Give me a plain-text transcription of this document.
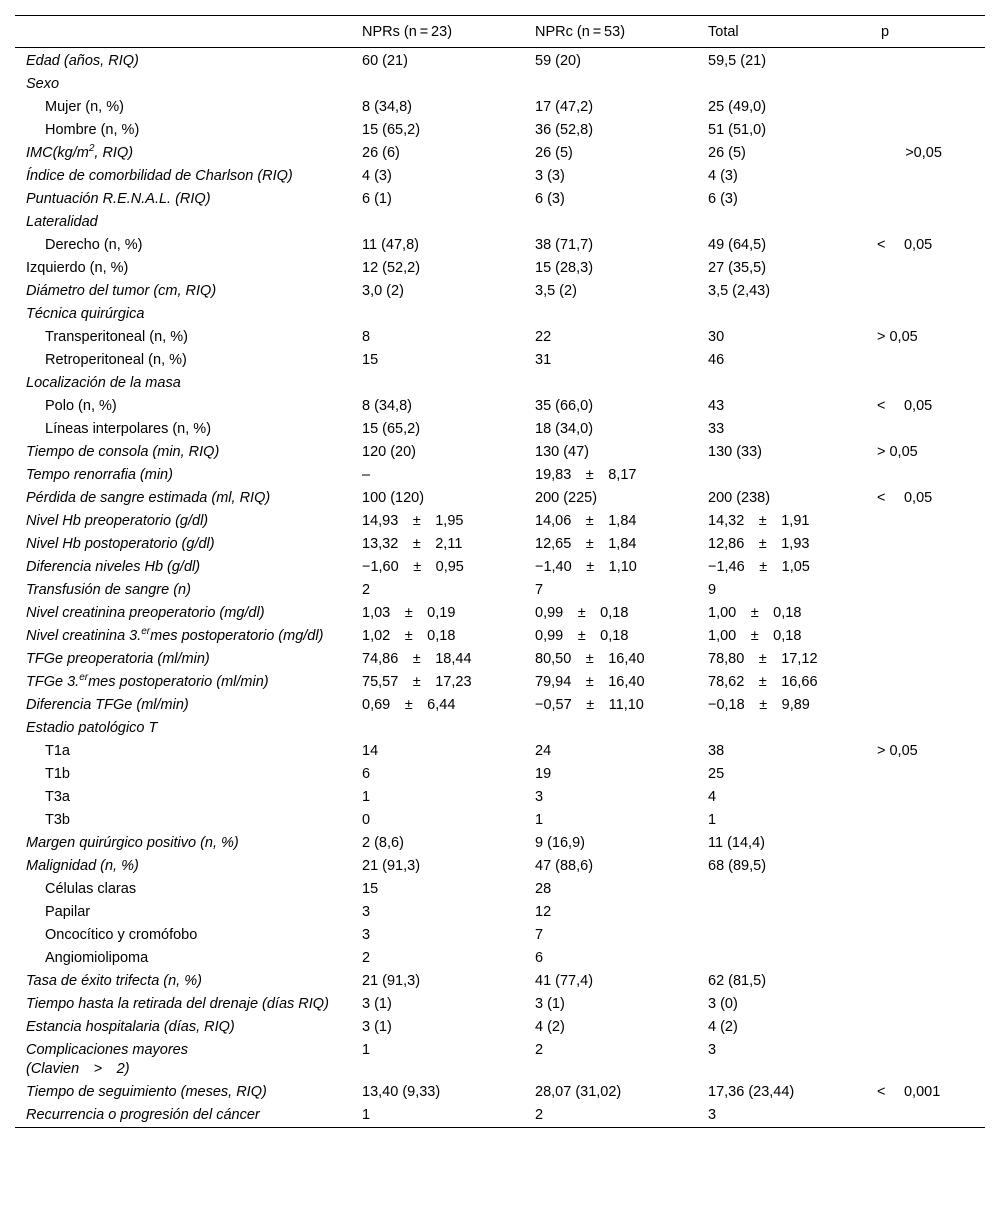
	NPRs (n = 23)	NPRc (n = 53)	Total	p
Edad (años, RIQ)	60 (21)	59 (20)	59,5 (21)	
Sexo				
Mujer (n, %)	8 (34,8)	17 (47,2)	25 (49,0)	
Hombre (n, %)	15 (65,2)	36 (52,8)	51 (51,0)	
$IMC(kg/m^2$, RIQ)	26 (6)	26 (5)	26 (5)	>0,05
Índice de comorbilidad de Charlson (RIQ)	4 (3)	3 (3)	4 (3)	
Puntuación R.E.N.A.L. (RIQ)	6 (1)	6 (3)	6 (3)	
Lateralidad				
Derecho (n, %)	11 (47,8)	38 (71,7)	49 (64,5)	<  0,05
Izquierdo (n, %)	12 (52,2)	15 (28,3)	27 (35,5)	
Diámetro del tumor (cm, RIQ)	3,0 (2)	3,5 (2)	3,5 (2,43)	
Técnica quirúrgica				
Transperitoneal (n, %)	8	22	30	> 0,05
Retroperitoneal (n, %)	15	31	46	
Localización de la masa				
Polo (n, %)	8 (34,8)	35 (66,0)	43	<  0,05
Líneas interpolares (n, %)	15 (65,2)	18 (34,0)	33	
Tiempo de consola (min, RIQ)	120 (20)	130 (47)	130 (33)	> 0,05
Tempo renorrafia (min)	–	19,83 ± 8,17		
Pérdida de sangre estimada (ml, RIQ)	100 (120)	200 (225)	200 (238)	<  0,05
Nivel Hb preoperatorio (g/dl)	14,93 ± 1,95	14,06 ± 1,84	14,32 ± 1,91	
Nivel Hb postoperatorio (g/dl)	13,32 ± 2,11	12,65 ± 1,84	12,86 ± 1,93	
Diferencia niveles Hb (g/dl)	−1,60 ± 0,95	−1,40 ± 1,10	−1,46 ± 1,05	
Transfusión de sangre (n)	2	7	9	
Nivel creatinina preoperatorio (mg/dl)	1,03 ± 0,19	0,99 ± 0,18	1,00 ± 0,18	
Nivel creatinina 3.$^{er}$mes postoperatorio (mg/dl)	1,02 ± 0,18	0,99 ± 0,18	1,00 ± 0,18	
TFGe preoperatoria (ml/min)	74,86 ± 18,44	80,50 ± 16,40	78,80 ± 17,12	
TFGe 3.$^{er}$mes postoperatorio (ml/min)	75,57 ± 17,23	79,94 ± 16,40	78,62 ± 16,66	
Diferencia TFGe (ml/min)	0,69 ± 6,44	−0,57 ± 11,10	−0,18 ± 9,89	
Estadio patológico T				
T1a	14	24	38	> 0,05
T1b	6	19	25	
T3a	1	3	4	
T3b	0	1	1	
Margen quirúrgico positivo (n, %)	2 (8,6)	9 (16,9)	11 (14,4)	
Malignidad (n, %)	21 (91,3)	47 (88,6)	68 (89,5)	
Células claras	15	28		
Papilar	3	12		
Oncocítico y cromófobo	3	7		
Angiomiolipoma	2	6		
Tasa de éxito trifecta (n, %)	21 (91,3)	41 (77,4)	62 (81,5)	
Tiempo hasta la retirada del drenaje (días RIQ)	3 (1)	3 (1)	3 (0)	
Estancia hospitalaria (días, RIQ)	3 (1)	4 (2)	4 (2)	
Complicaciones mayores
(Clavien > 2)	1	2	3	
Tiempo de seguimiento (meses, RIQ)	13,40 (9,33)	28,07 (31,02)	17,36 (23,44)	<  0,001
Recurrencia o progresión del cáncer	1	2	3	
